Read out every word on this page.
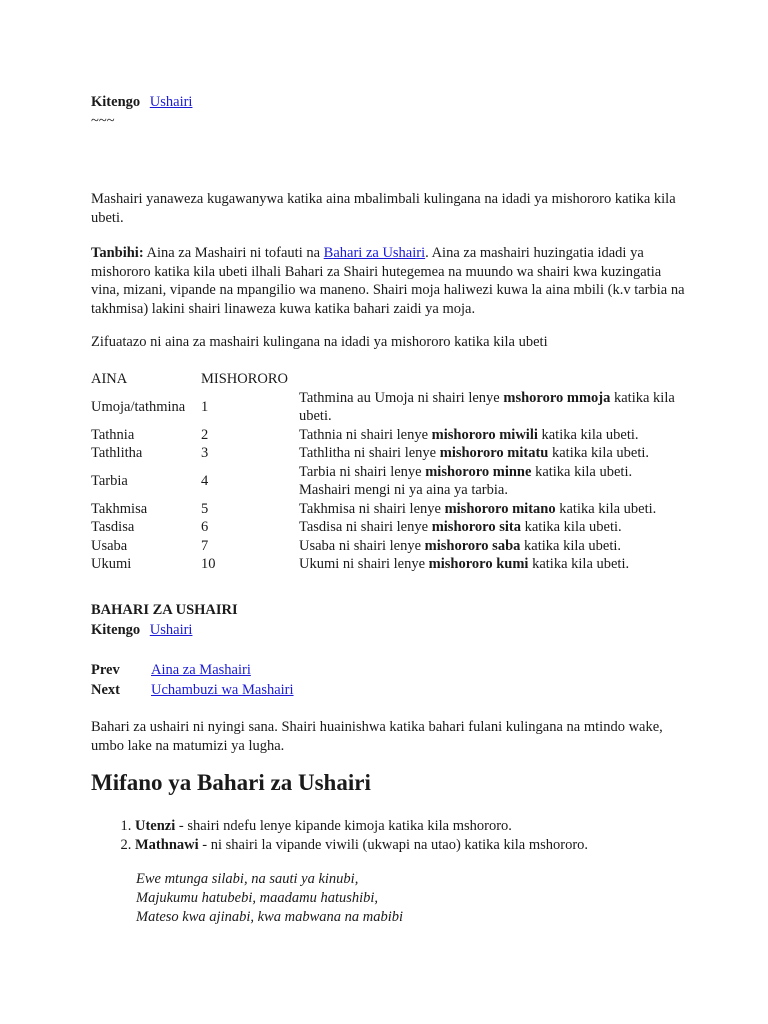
Kitengo Ushairi
~~~
Mashairi yanaweza kugawanywa katika aina mbalimbali kulingana na idadi ya mishororo katika kila ubeti.
Tanbihi: Aina za Mashairi ni tofauti na Bahari za Ushairi. Aina za mashairi huzingatia idadi ya mishororo katika kila ubeti ilhali Bahari za Shairi hutegemea na muundo wa shairi kwa kuzingatia vina, mizani, vipande na mpangilio wa maneno. Shairi moja haliwezi kuwa la aina mbili (k.v tarbia na takhmisa) lakini shairi linaweza kuwa katika bahari zaidi ya moja.
Zifuatazo ni aina za mashairi kulingana na idadi ya mishororo katika kila ubeti
AINA	MISHORORO	
Umoja/tathmina	1	Tathmina au Umoja ni shairi lenye mshororo mmoja katika kila ubeti.
Tathnia	2	Tathnia ni shairi lenye mishororo miwili katika kila ubeti.
Tathlitha	3	Tathlitha ni shairi lenye mishororo mitatu katika kila ubeti.
Tarbia	4	Tarbia ni shairi lenye mishororo minne katika kila ubeti. Mashairi mengi ni ya aina ya tarbia.
Takhmisa	5	Takhmisa ni shairi lenye mishororo mitano katika kila ubeti.
Tasdisa	6	Tasdisa ni shairi lenye mishororo sita katika kila ubeti.
Usaba	7	Usaba ni shairi lenye mishororo saba katika kila ubeti.
Ukumi	10	Ukumi ni shairi lenye mishororo kumi katika kila ubeti.
BAHARI ZA USHAIRI
Kitengo Ushairi
Prev Aina za Mashairi
Next Uchambuzi wa Mashairi
Bahari za ushairi ni nyingi sana. Shairi huainishwa katika bahari fulani kulingana na mtindo wake, umbo lake na matumizi ya lugha.
Mifano ya Bahari za Ushairi
1. Utenzi - shairi ndefu lenye kipande kimoja katika kila mshororo.
2. Mathnawi - ni shairi la vipande viwili (ukwapi na utao) katika kila mshororo.
Ewe mtunga silabi, na sauti ya kinubi,
Majukumu hatubebi, maadamu hatushibi,
Mateso kwa ajinabi, kwa mabwana na mabibi
